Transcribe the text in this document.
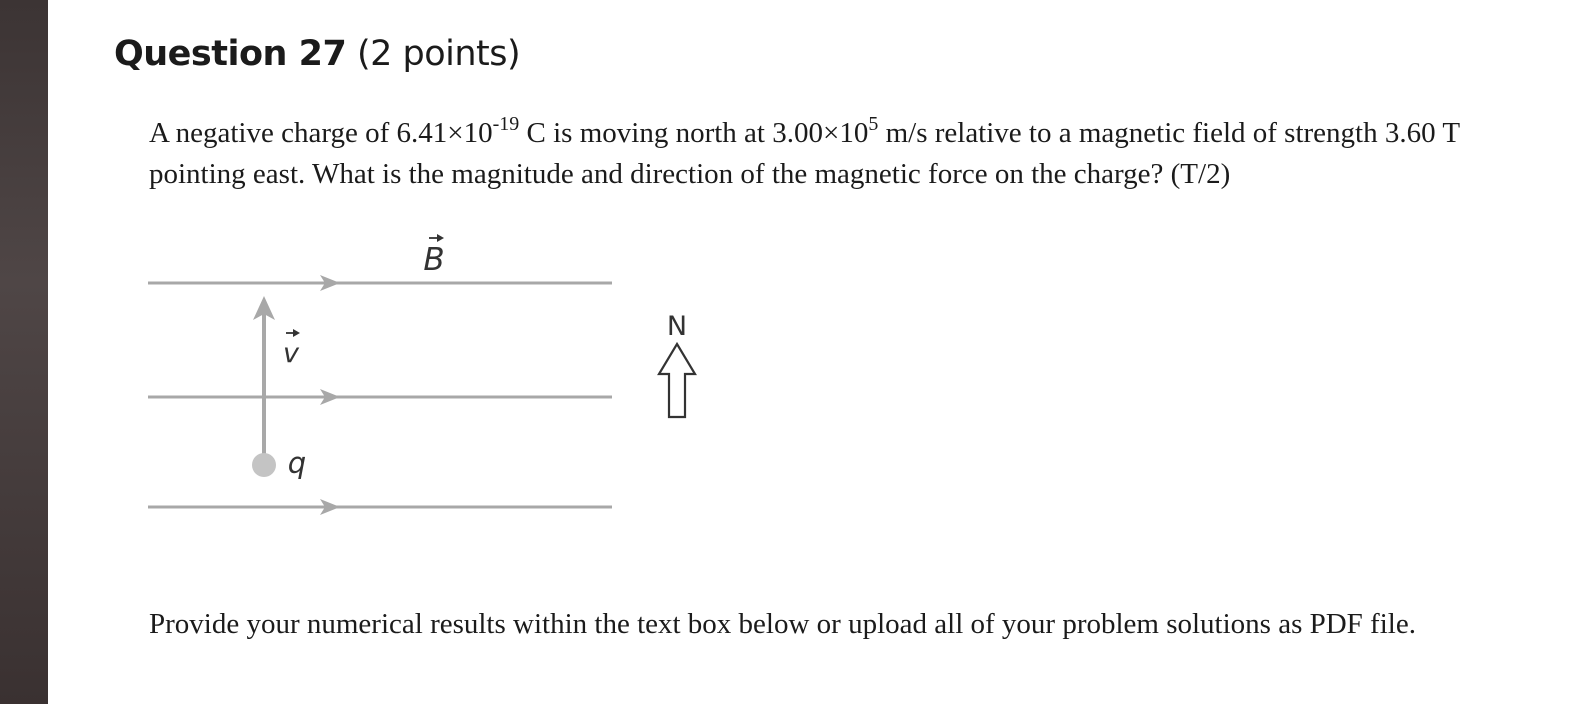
Question 27 (2 points)
A negative charge of $6.41\times 10^{-19}$ C is moving north at $3.00\times 10^5$ m/s relative to a magnetic field of strength 3.60 T pointing east. What is the magnitude and direction of the magnetic force on the charge? (T/2)
B
v
q
N
Provide your numerical results within the text box below or upload all of your problem solutions as PDF file.
